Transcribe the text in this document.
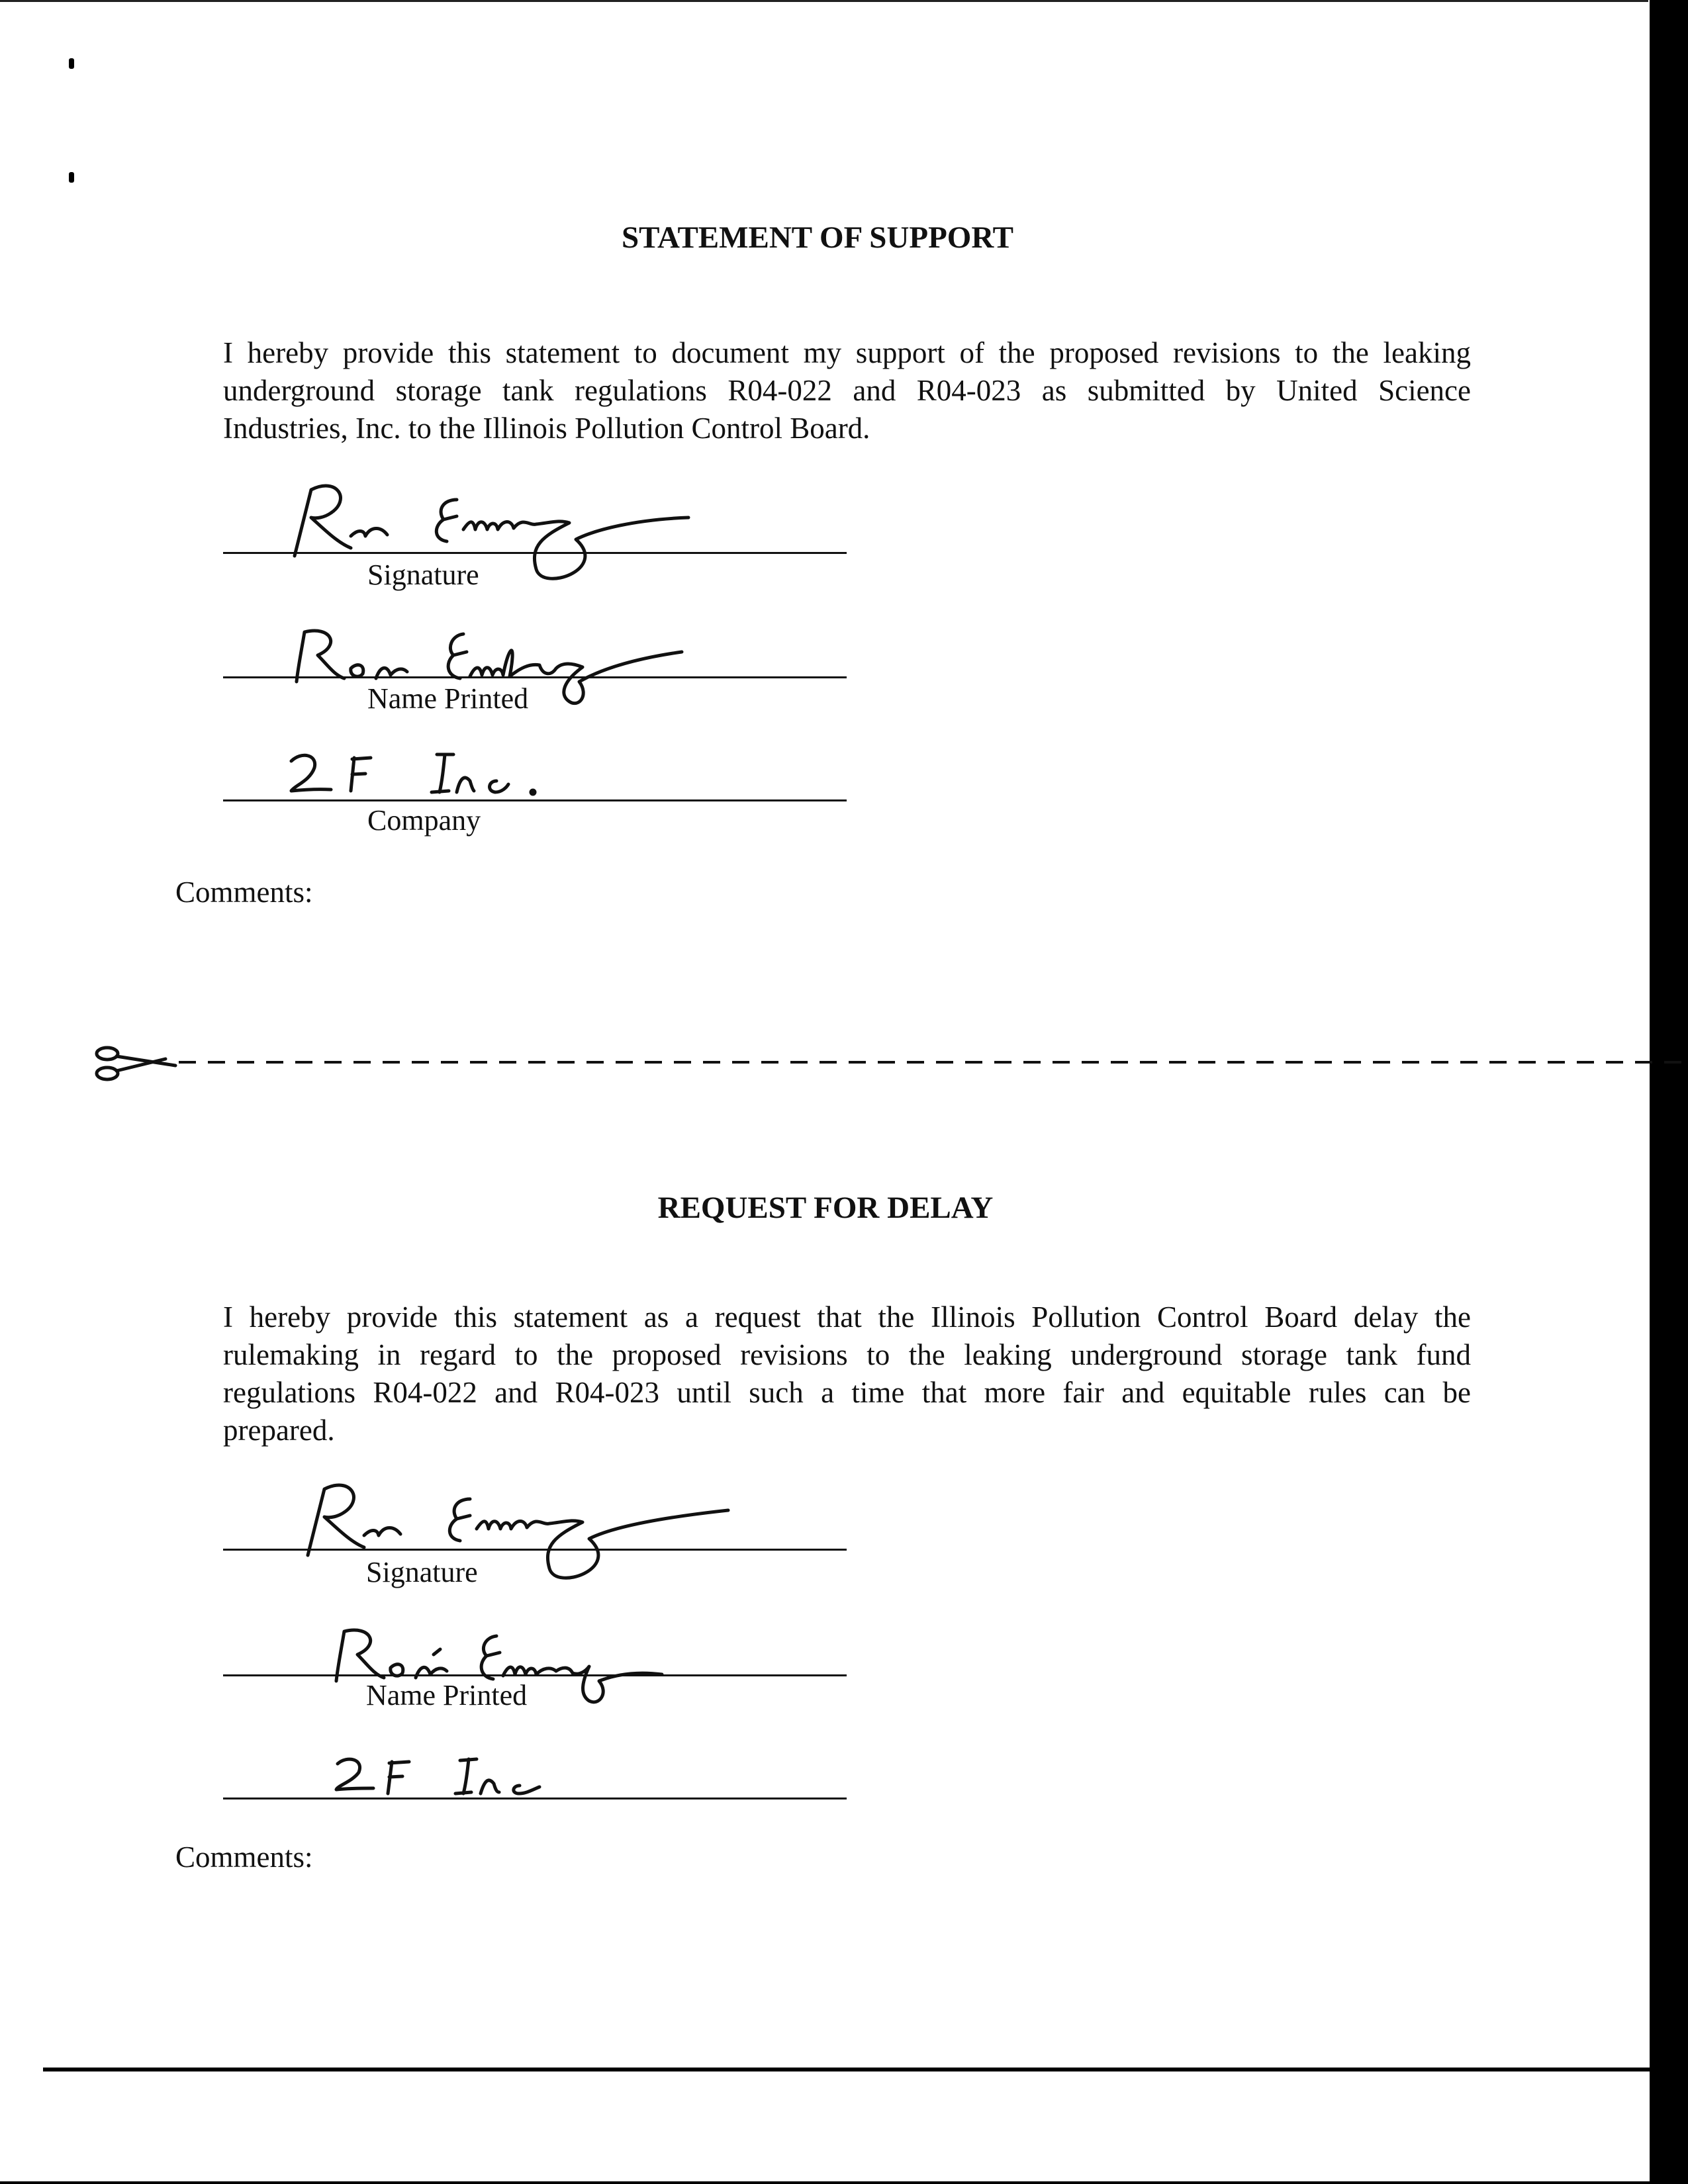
STATEMENT OF SUPPORT
I hereby provide this statement to document my support of the proposed revisions to the leaking
underground storage tank regulations R04-022 and R04-023 as submitted by United Science
Industries, Inc. to the Illinois Pollution Control Board.
Signature
Name Printed
Company
Comments:
REQUEST FOR DELAY
I hereby provide this statement as a request that the Illinois Pollution Control Board delay the
rulemaking in regard to the proposed revisions to the leaking underground storage tank fund
regulations R04-022 and R04-023 until such a time that more fair and equitable rules can be
prepared.
Signature
Name Printed
Comments:
